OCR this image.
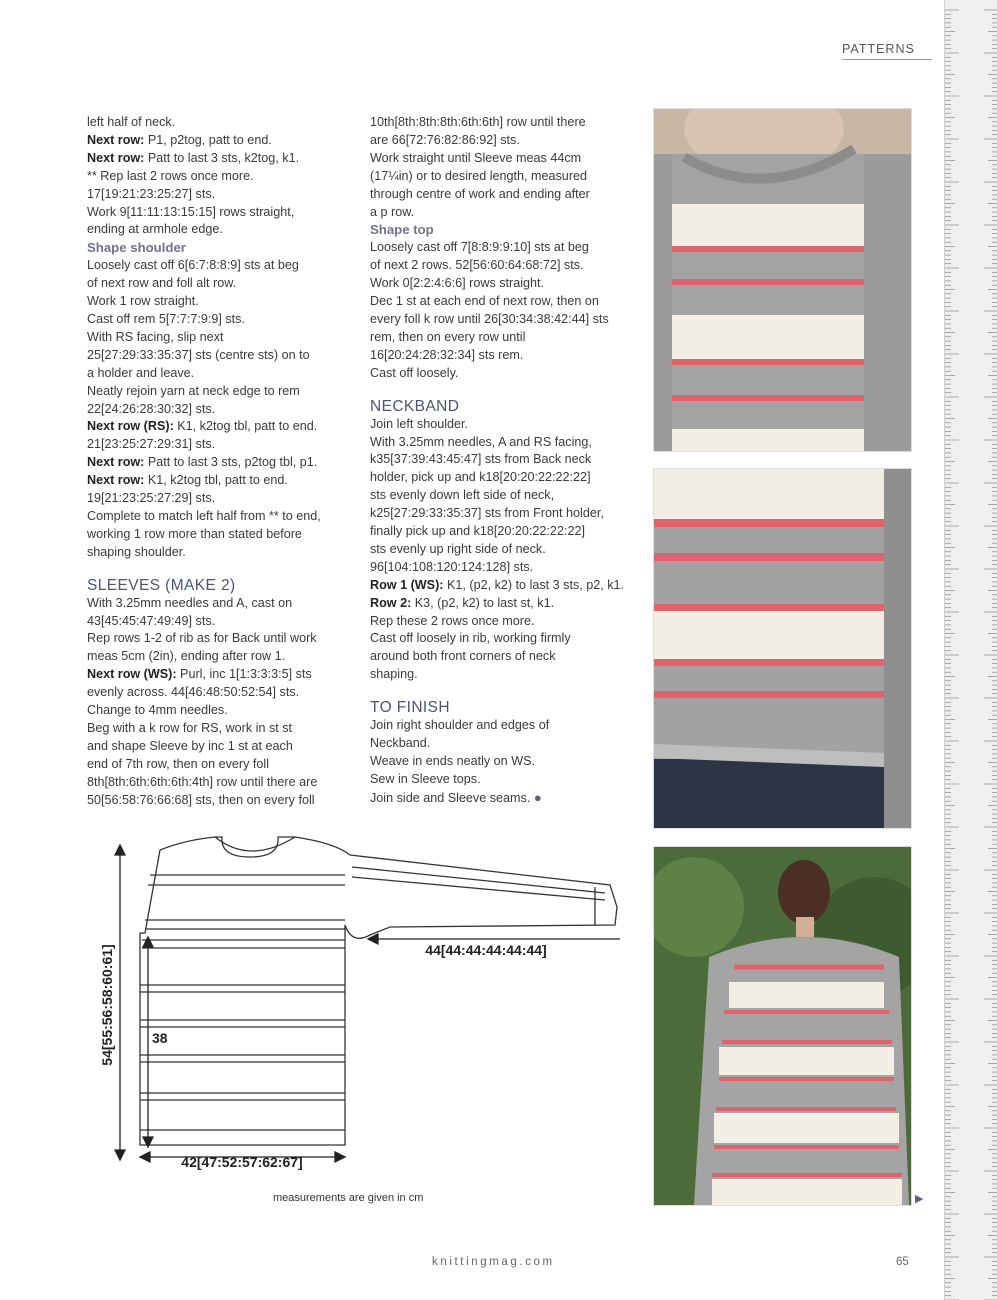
PATTERNS

left half of neck.

Next row: P1, p2tog, patt to end.

Next row: Patt to last 3 sts, k2tog, k1.

** Rep last 2 rows once more.

17[19:21:23:25:27] sts.

Work 9[11:11:13:15:15] rows straight,

ending at armhole edge.

Shape shoulder

Loosely cast off 6[6:7:8:8:9] sts at beg

of next row and foll alt row.

Work 1 row straight.

Cast off rem 5[7:7:7:9:9] sts.

With RS facing, slip next

25[27:29:33:35:37] sts (centre sts) on to

a holder and leave.

Neatly rejoin yarn at neck edge to rem

22[24:26:28:30:32] sts.

Next row (RS): K1, k2tog tbl, patt to end.

21[23:25:27:29:31] sts.

Next row: Patt to last 3 sts, p2tog tbl, p1.

Next row: K1, k2tog tbl, patt to end.

19[21:23:25:27:29] sts.

Complete to match left half from ** to end,

working 1 row more than stated before

shaping shoulder.

SLEEVES (MAKE 2)

With 3.25mm needles and A, cast on

43[45:45:47:49:49] sts.

Rep rows 1-2 of rib as for Back until work

meas 5cm (2in), ending after row 1.

Next row (WS): Purl, inc 1[1:3:3:3:5] sts

evenly across. 44[46:48:50:52:54] sts.

Change to 4mm needles.

Beg with a k row for RS, work in st st

and shape Sleeve by inc 1 st at each

end of 7th row, then on every foll

8th[8th:6th:6th:6th:4th] row until there are

50[56:58:76:66:68] sts, then on every foll

10th[8th:8th:8th:6th:6th] row until there

are 66[72:76:82:86:92] sts.

Work straight until Sleeve meas 44cm

(17¼in) or to desired length, measured

through centre of work and ending after

a p row.

Shape top

Loosely cast off 7[8:8:9:9:10] sts at beg

of next 2 rows. 52[56:60:64:68:72] sts.

Work 0[2:2:4:6:6] rows straight.

Dec 1 st at each end of next row, then on

every foll k row until 26[30:34:38:42:44] sts

rem, then on every row until

16[20:24:28:32:34] sts rem.

Cast off loosely.

NECKBAND

Join left shoulder.

With 3.25mm needles, A and RS facing,

k35[37:39:43:45:47] sts from Back neck

holder, pick up and k18[20:20:22:22:22]

sts evenly down left side of neck,

k25[27:29:33:35:37] sts from Front holder,

finally pick up and k18[20:20:22:22:22]

sts evenly up right side of neck.

96[104:108:120:124:128] sts.

Row 1 (WS): K1, (p2, k2) to last 3 sts, p2, k1.

Row 2: K3, (p2, k2) to last st, k1.

Rep these 2 rows once more.

Cast off loosely in rib, working firmly

around both front corners of neck

shaping.

TO FINISH

Join right shoulder and edges of

Neckband.

Weave in ends neatly on WS.

Sew in Sleeve tops.

Join side and Sleeve seams. ●

▶
54[55:56:58:60:61]	38
44[44:44:44:44:44]
42[47:52:57:62:67]
measurements are given in cm
knittingmag.com	65
